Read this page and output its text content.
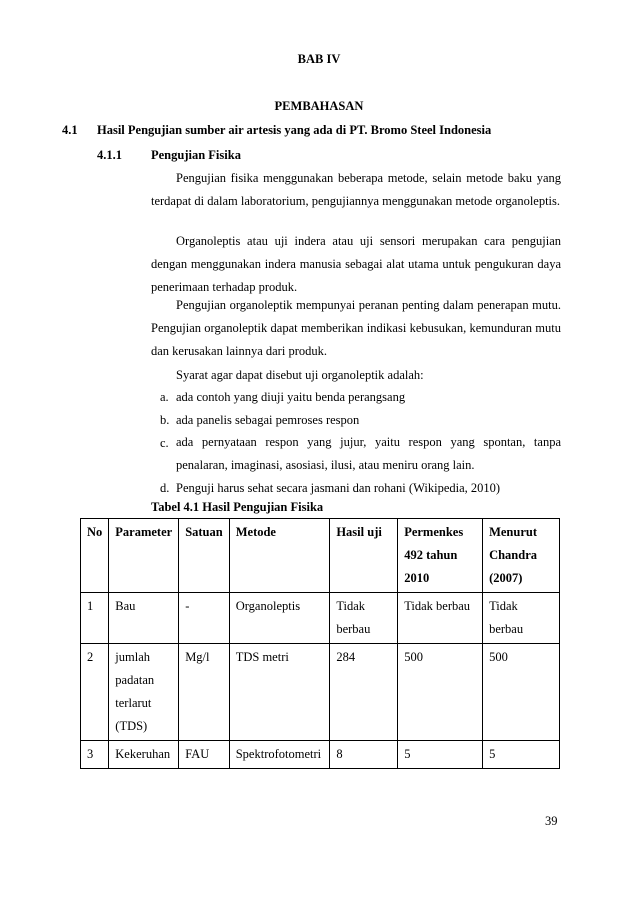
BAB IV
PEMBAHASAN
4.1 Hasil Pengujian sumber air artesis yang ada di PT. Bromo Steel Indonesia
4.1.1 Pengujian Fisika
Pengujian fisika menggunakan beberapa metode, selain metode baku yang terdapat di dalam laboratorium, pengujiannya menggunakan metode organoleptis.
Organoleptis atau uji indera atau uji sensori merupakan cara pengujian dengan menggunakan indera manusia sebagai alat utama untuk pengukuran daya penerimaan terhadap produk.
Pengujian organoleptik mempunyai peranan penting dalam penerapan mutu. Pengujian organoleptik dapat memberikan indikasi kebusukan, kemunduran mutu dan kerusakan lainnya dari produk.
Syarat agar dapat disebut uji organoleptik adalah:
a. ada contoh yang diuji yaitu benda perangsang
b. ada panelis sebagai pemroses respon
c. ada pernyataan respon yang jujur, yaitu respon yang spontan, tanpa penalaran, imaginasi, asosiasi, ilusi, atau meniru orang lain.
d. Penguji harus sehat secara jasmani dan rohani (Wikipedia, 2010)
Tabel 4.1 Hasil Pengujian Fisika
No	Parameter	Satuan	Metode	Hasil uji	Permenkes 492 tahun 2010	Menurut Chandra (2007)
1	Bau	-	Organoleptis	Tidak berbau	Tidak berbau	Tidak berbau
2	jumlah padatan terlarut (TDS)	Mg/l	TDS metri	284	500	500
3	Kekeruhan	FAU	Spektrofotometri	8	5	5
39
